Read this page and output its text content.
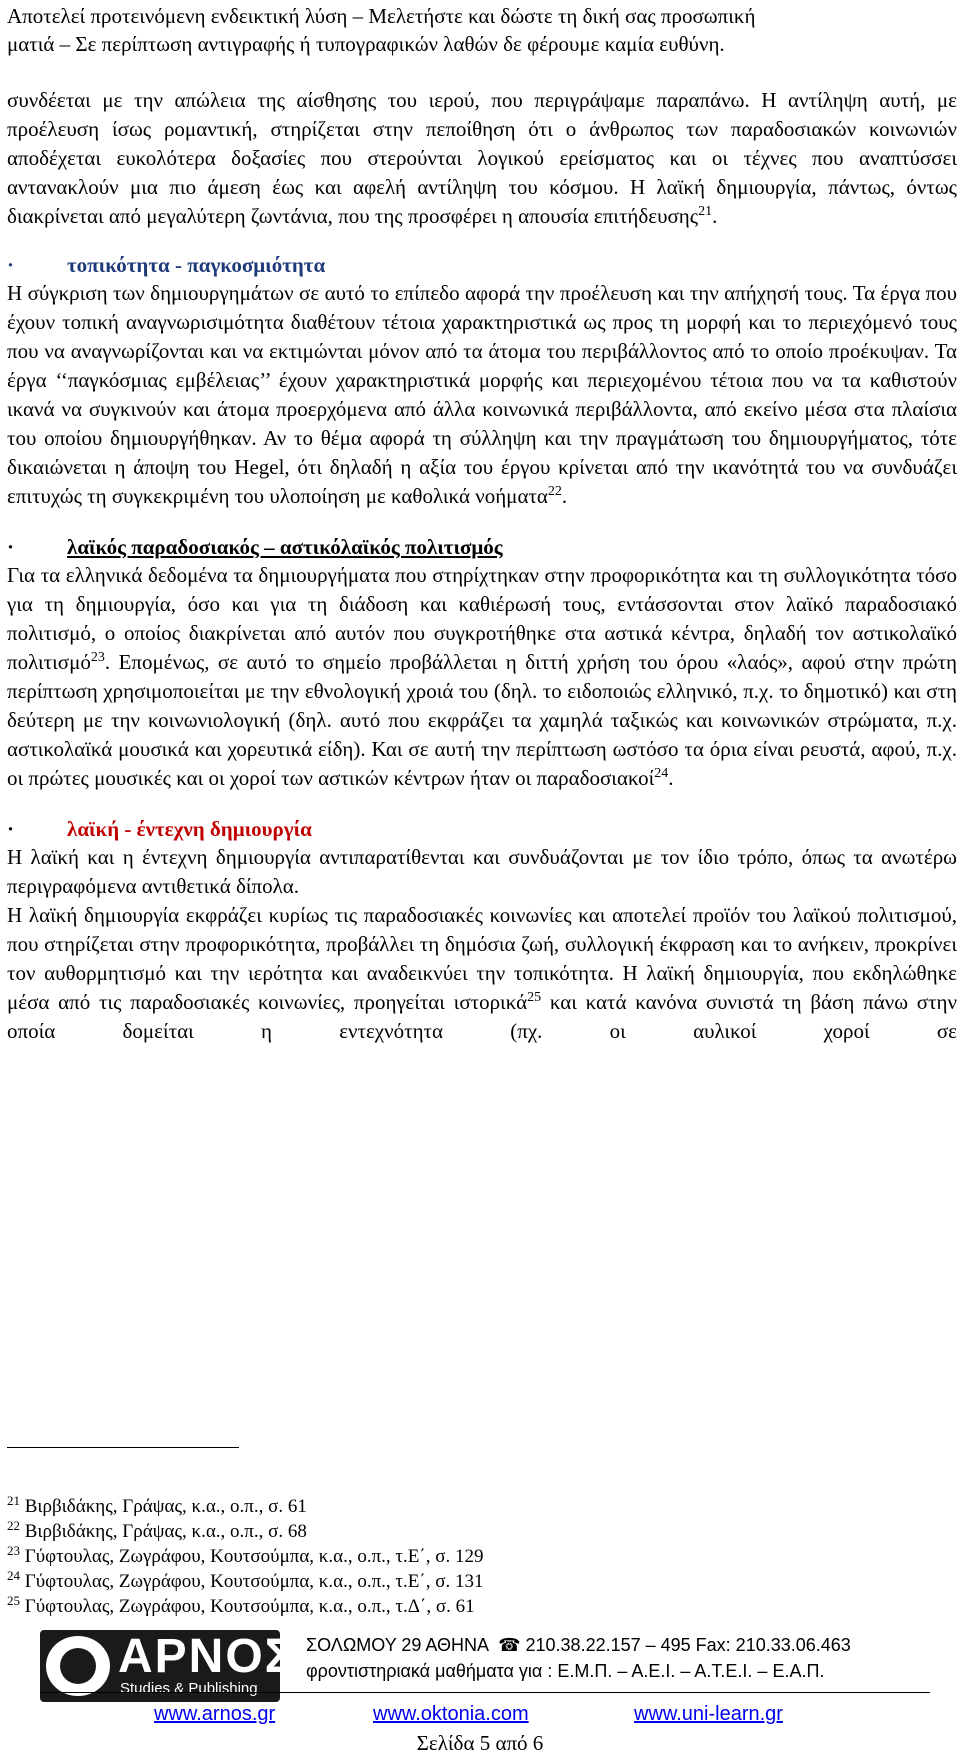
Αποτελεί προτεινόμενη ενδεικτική λύση – Μελετήστε και δώστε τη δική σας προσωπική
ματιά – Σε περίπτωση αντιγραφής ή τυπογραφικών λαθών δε φέρουμε καμία ευθύνη.

συνδέεται με την απώλεια της αίσθησης του ιερού, που περιγράψαμε παραπάνω. Η αντίληψη αυτή, με προέλευση ίσως ρομαντική, στηρίζεται στην πεποίθηση ότι ο άνθρωπος των παραδοσιακών κοινωνιών αποδέχεται ευκολότερα δοξασίες που στερούνται λογικού ερείσματος και οι τέχνες που αναπτύσσει αντανακλούν μια πιο άμεση έως και αφελή αντίληψη του κόσμου. Η λαϊκή δημιουργία, πάντως, όντως διακρίνεται από μεγαλύτερη ζωντάνια, που της προσφέρει η απουσία επιτήδευσης$^{21}$.

·	τοπικότητα - παγκοσμιότητα

Η σύγκριση των δημιουργημάτων σε αυτό το επίπεδο αφορά την προέλευση και την απήχησή τους. Τα έργα που έχουν τοπική αναγνωρισιμότητα διαθέτουν τέτοια χαρακτηριστικά ως προς τη μορφή και το περιεχόμενό τους που να αναγνωρίζονται και να εκτιμώνται μόνον από τα άτομα του περιβάλλοντος από το οποίο προέκυψαν. Τα έργα ‘‘παγκόσμιας εμβέλειας’’ έχουν χαρακτηριστικά μορφής και περιεχομένου τέτοια που να τα καθιστούν ικανά να συγκινούν και άτομα προερχόμενα από άλλα κοινωνικά περιβάλλοντα, από εκείνο μέσα στα πλαίσια του οποίου δημιουργήθηκαν. Αν το θέμα αφορά τη σύλληψη και την πραγμάτωση του δημιουργήματος, τότε δικαιώνεται η άποψη του Hegel, ότι δηλαδή η αξία του έργου κρίνεται από την ικανότητά του να συνδυάζει επιτυχώς τη συγκεκριμένη του υλοποίηση με καθολικά νοήματα$^{22}$.

·	λαϊκός παραδοσιακός – αστικόλαϊκός πολιτισμός

Για τα ελληνικά δεδομένα τα δημιουργήματα που στηρίχτηκαν στην προφορικότητα και τη συλλογικότητα τόσο για τη δημιουργία, όσο και για τη διάδοση και καθιέρωσή τους, εντάσσονται στον λαϊκό παραδοσιακό πολιτισμό, ο οποίος διακρίνεται από αυτόν που συγκροτήθηκε στα αστικά κέντρα, δηλαδή τον αστικολαϊκό πολιτισμό$^{23}$. Επομένως, σε αυτό το σημείο προβάλλεται η διττή χρήση του όρου «λαός», αφού στην πρώτη περίπτωση χρησιμοποιείται με την εθνολογική χροιά του (δηλ. το ειδοποιώς ελληνικό, π.χ. το δημοτικό) και στη δεύτερη με την κοινωνιολογική (δηλ. αυτό που εκφράζει τα χαμηλά ταξικώς και κοινωνικών στρώματα, π.χ. αστικολαϊκά μουσικά και χορευτικά είδη). Και σε αυτή την περίπτωση ωστόσο τα όρια είναι ρευστά, αφού, π.χ. οι πρώτες μουσικές και οι χοροί των αστικών κέντρων ήταν οι παραδοσιακοί$^{24}$.

·	λαϊκή - έντεχνη δημιουργία

Η λαϊκή και η έντεχνη δημιουργία αντιπαρατίθενται και συνδυάζονται με τον ίδιο τρόπο, όπως τα ανωτέρω περιγραφόμενα αντιθετικά δίπολα.

Η λαϊκή δημιουργία εκφράζει κυρίως τις παραδοσιακές κοινωνίες και αποτελεί προϊόν του λαϊκού πολιτισμού, που στηρίζεται στην προφορικότητα, προβάλλει τη δημόσια ζωή, συλλογική έκφραση και το ανήκειν, προκρίνει τον αυθορμητισμό και την ιερότητα και αναδεικνύει την τοπικότητα. Η λαϊκή δημιουργία, που εκδηλώθηκε μέσα από τις παραδοσιακές κοινωνίες, προηγείται ιστορικά$^{25}$ και κατά κανόνα συνιστά τη βάση πάνω στην οποία δομείται η εντεχνότητα (πχ. οι αυλικοί χοροί σε

$^{21}$ Βιρβιδάκης, Γράψας, κ.α., ο.π., σ. 61
$^{22}$ Βιρβιδάκης, Γράψας, κ.α., ο.π., σ. 68
$^{23}$ Γύφτουλας, Ζωγράφου, Κουτσούμπα, κ.α., ο.π., τ.Ε΄, σ. 129
$^{24}$ Γύφτουλας, Ζωγράφου, Κουτσούμπα, κ.α., ο.π., τ.Ε΄, σ. 131
$^{25}$ Γύφτουλας, Ζωγράφου, Κουτσούμπα, κ.α., ο.π., τ.Δ΄, σ. 61
ΑΡΝΟΣ
Studies & Publishing
ΣΟΛΩΜΟΥ 29 ΑΘΗΝΑ ☎ 210.38.22.157 – 495 Fax: 210.33.06.463
φροντιστηριακά μαθήματα για : Ε.Μ.Π. – Α.Ε.Ι. – Α.Τ.Ε.Ι. – Ε.Α.Π.
www.arnos.gr	www.oktonia.com	www.uni-learn.gr
Σελίδα 5 από 6
